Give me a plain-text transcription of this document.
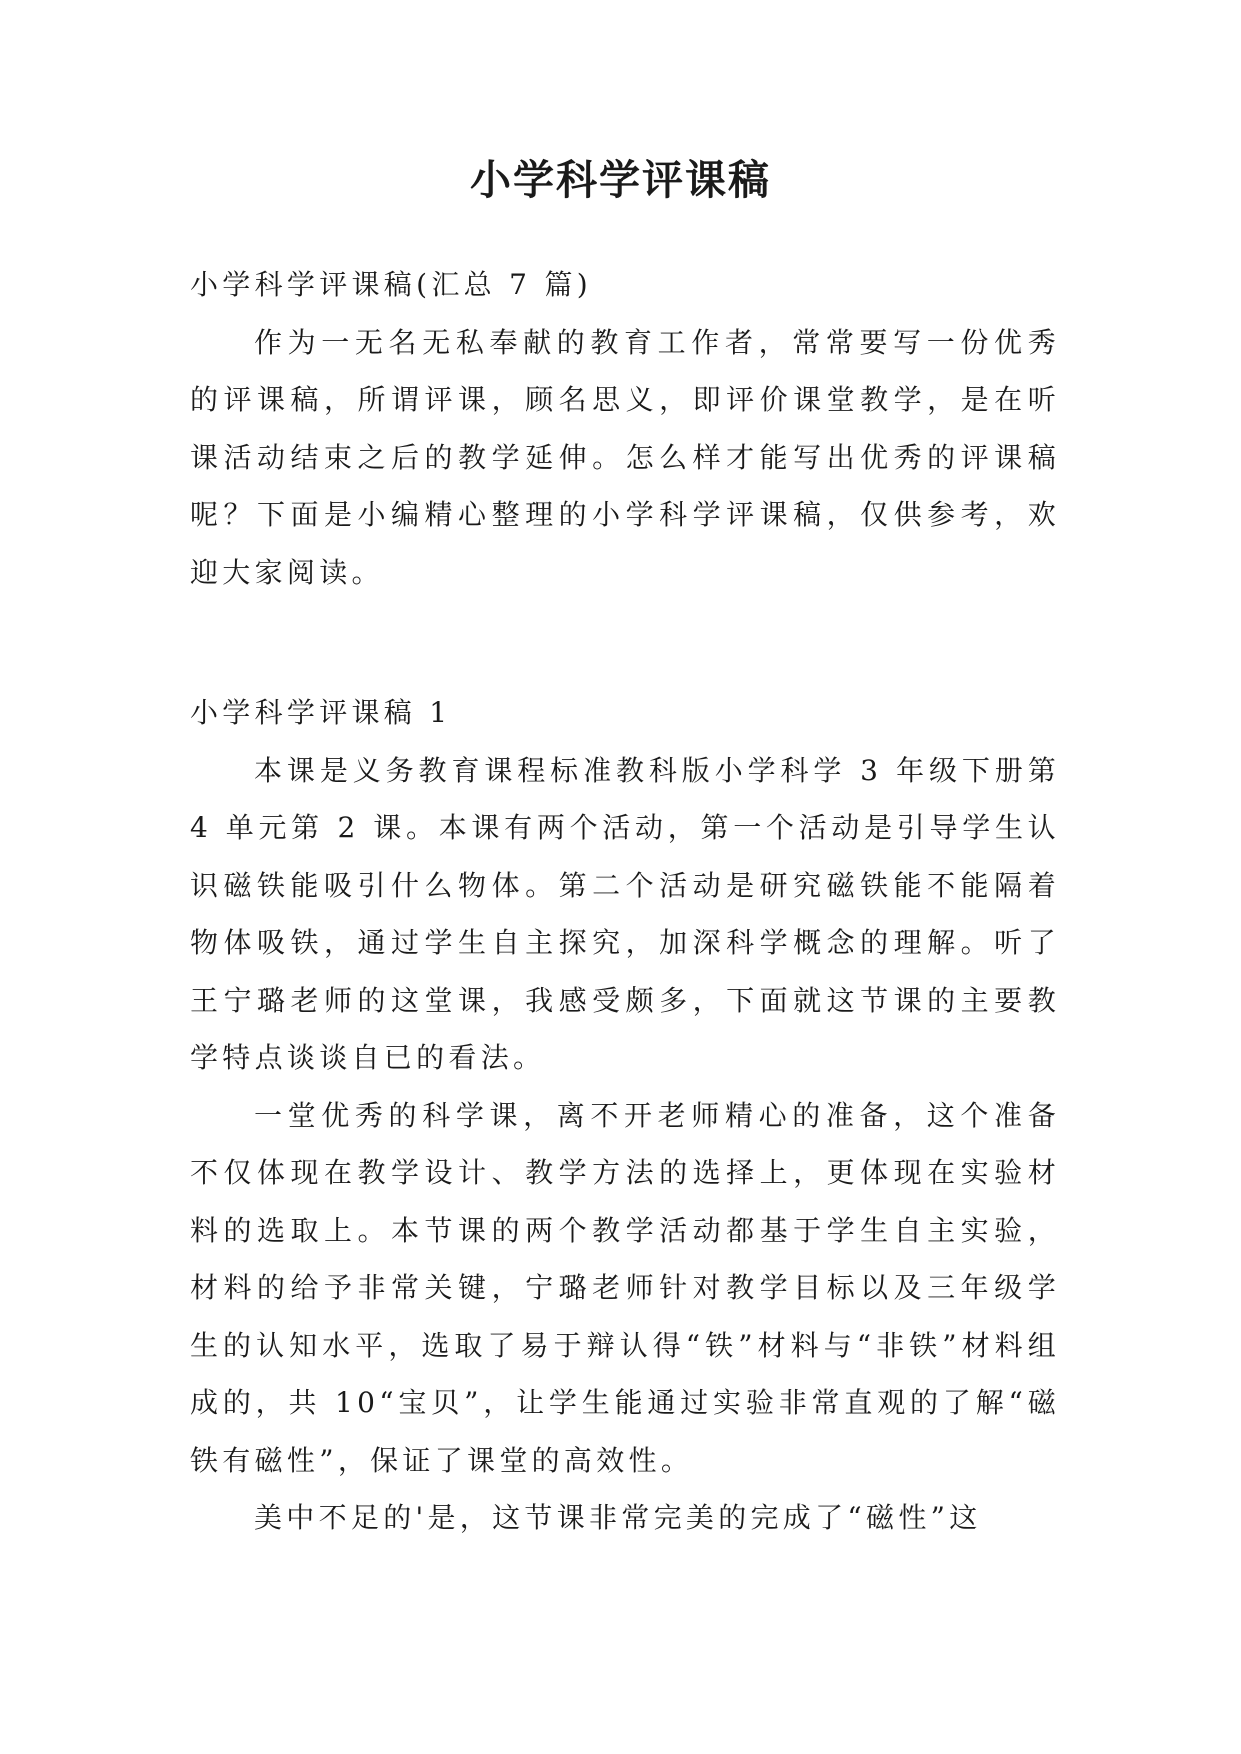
小学科学评课稿

小学科学评课稿(汇总 7 篇)

作为一无名无私奉献的教育工作者，常常要写一份优秀的评课稿，所谓评课，顾名思义，即评价课堂教学，是在听课活动结束之后的教学延伸。怎么样才能写出优秀的评课稿呢？下面是小编精心整理的小学科学评课稿，仅供参考，欢迎大家阅读。

小学科学评课稿 1

本课是义务教育课程标准教科版小学科学 3 年级下册第 4 单元第 2 课。本课有两个活动，第一个活动是引导学生认识磁铁能吸引什么物体。第二个活动是研究磁铁能不能隔着物体吸铁，通过学生自主探究，加深科学概念的理解。听了王宁璐老师的这堂课，我感受颇多，下面就这节课的主要教学特点谈谈自已的看法。

一堂优秀的科学课，离不开老师精心的准备，这个准备不仅体现在教学设计、教学方法的选择上，更体现在实验材料的选取上。本节课的两个教学活动都基于学生自主实验，材料的给予非常关键，宁璐老师针对教学目标以及三年级学生的认知水平，选取了易于辩认得“铁”材料与“非铁”材料组成的，共 10“宝贝”，让学生能通过实验非常直观的了解“磁铁有磁性”，保证了课堂的高效性。

美中不足的'是，这节课非常完美的完成了“磁性”这
